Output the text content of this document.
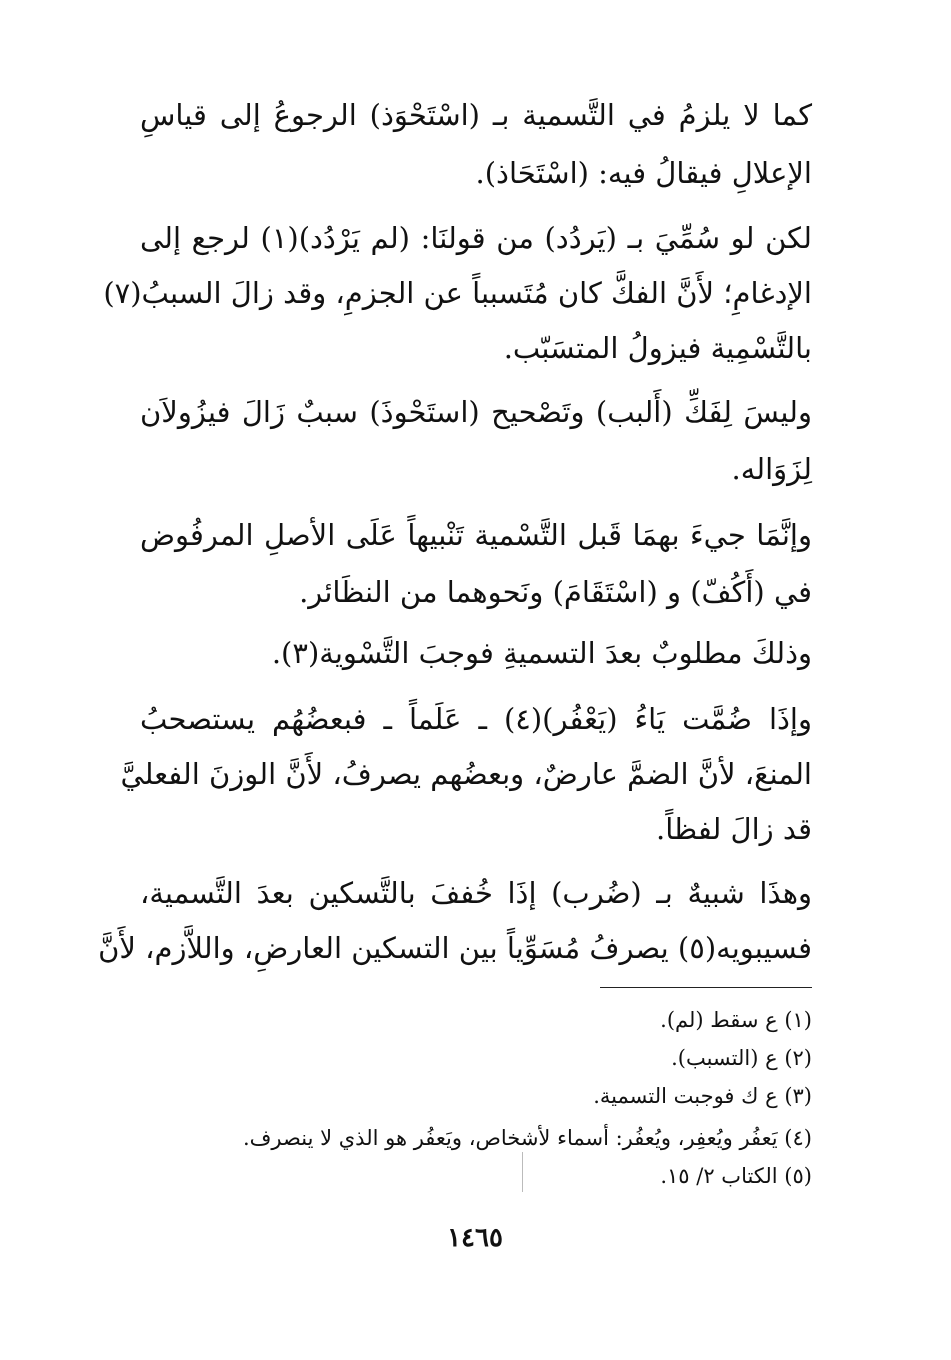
كما لا يلزمُ في التَّسمية بـ (اسْتَحْوَذ) الرجوعُ إلى قياسِ
الإعلالِ فيقالُ فيه: (اسْتَحَاذ).
لكن لو سُمِّيَ بـ (يَردُد) من قولنَا: (لم يَرْدُد)(١) لرجع إلى
الإدغامِ؛ لأَنَّ الفكَّ كان مُتَسبباً عن الجزمِ، وقد زالَ السببُ(٧)
بالتَّسْمِية فيزولُ المتسَبّب.
وليسَ لِفَكِّ (أَلبب) وتَصْحيح (استَحْوذَ) سببٌ زَالَ فيزُولاَن
لِزَوَاله.
وإنَّمَا جيءَ بهمَا قَبل التَّسْمية تَنْبيهاً عَلَى الأصلِ المرفُوض
في (أَكُفّ) و (اسْتَقَامَ) ونَحوهما من النظَائر.
وذلكَ مطلوبٌ بعدَ التسميةِ فوجبَ التَّسْوية(٣).
وإذَا ضُمَّت يَاءُ (يَعْفُر)(٤) ـ عَلَماً ـ فبعضُهُم يستصحبُ
المنعَ، لأنَّ الضمَّ عارضٌ، وبعضُهم يصرفُ، لأَنَّ الوزنَ الفعليَّ
قد زالَ لفظاً.
وهذَا شبيهٌ بـ (ضُرب) إذَا خُففَ بالتَّسكين بعدَ التَّسمية،
فسيبويه(٥) يصرفُ مُسَوِّياً بين التسكين العارضِ، واللاَّزم، لأَنَّ
(١) ع سقط (لم).
(٢) ع (التسبب).
(٣) ع ك فوجبت التسمية.
(٤) يَعفُر ويُعفِر، ويُعفُر: أسماء لأشخاص، ويَعفُر هو الذي لا ينصرف.
(٥) الكتاب ٢/ ١٥.
١٤٦٥
